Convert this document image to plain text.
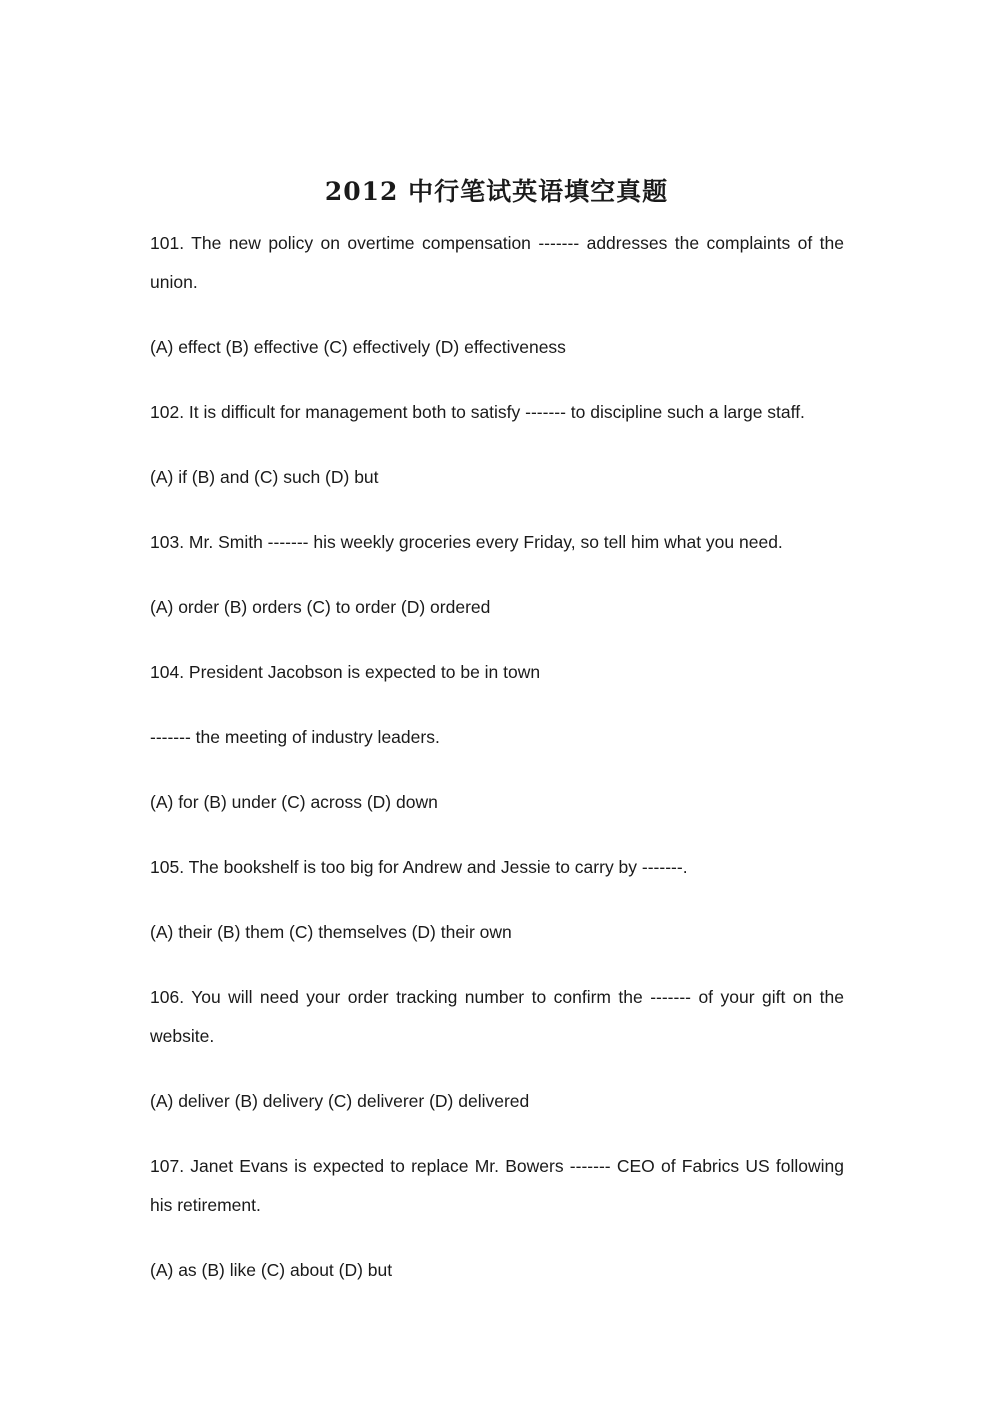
2012 中行笔试英语填空真题

101. The new policy on overtime compensation ------- addresses the complaints of the union.

(A) effect (B) effective (C) effectively (D) effectiveness

102. It is difficult for management both to satisfy ------- to discipline such a large staff.

(A) if (B) and (C) such (D) but

103. Mr. Smith ------- his weekly groceries every Friday, so tell him what you need.

(A) order (B) orders (C) to order (D) ordered

104. President Jacobson is expected to be in town

------- the meeting of industry leaders.

(A) for (B) under (C) across (D) down

105. The bookshelf is too big for Andrew and Jessie to carry by -------.

(A) their (B) them (C) themselves (D) their own

106. You will need your order tracking number to confirm the ------- of your gift on the website.

(A) deliver (B) delivery (C) deliverer (D) delivered

107. Janet Evans is expected to replace Mr. Bowers ------- CEO of Fabrics US following his retirement.

(A) as (B) like (C) about (D) but
